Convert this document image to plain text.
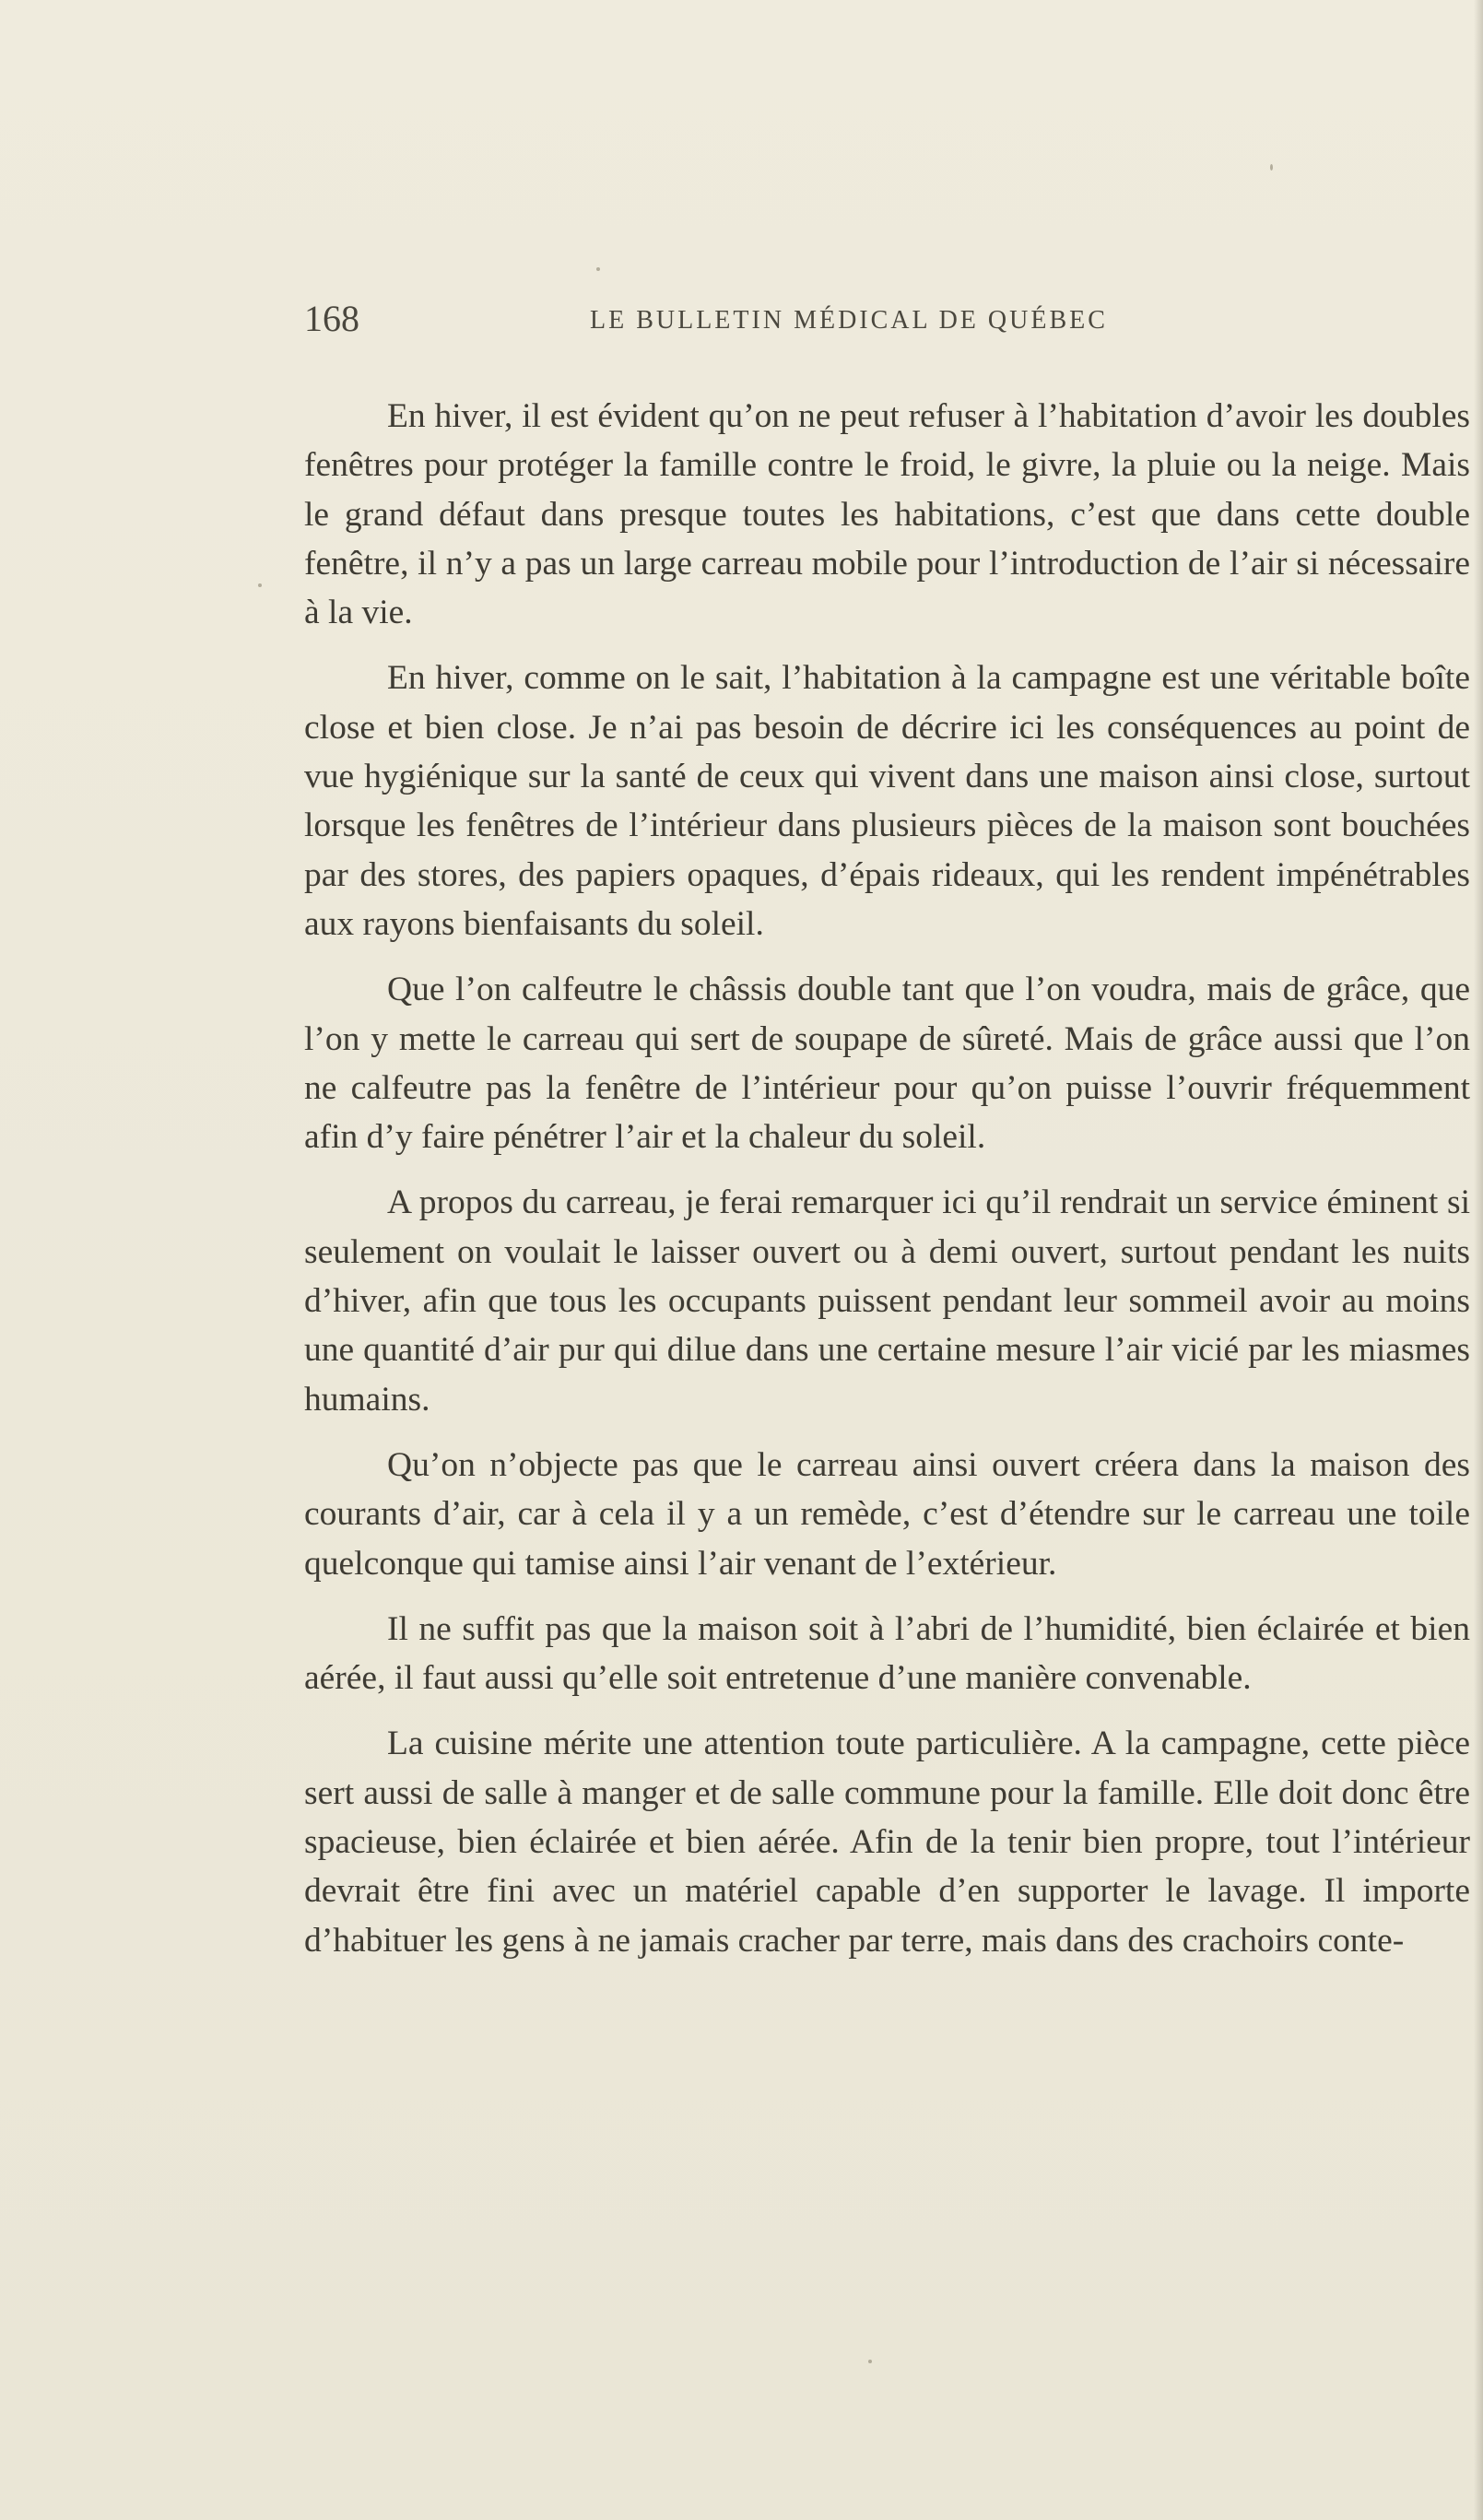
168	LE BULLETIN MÉDICAL DE QUÉBEC

En hiver, il est évident qu’on ne peut refuser à l’habitation d’avoir les doubles fenêtres pour protéger la famille contre le froid, le givre, la pluie ou la neige. Mais le grand défaut dans presque toutes les habitations, c’est que dans cette double fenêtre, il n’y a pas un large carreau mobile pour l’introduction de l’air si nécessaire à la vie.

En hiver, comme on le sait, l’habitation à la campagne est une véritable boîte close et bien close. Je n’ai pas besoin de décrire ici les conséquences au point de vue hygiénique sur la santé de ceux qui vivent dans une maison ainsi close, surtout lorsque les fenêtres de l’intérieur dans plusieurs pièces de la maison sont bouchées par des stores, des papiers opaques, d’épais rideaux, qui les rendent impénétrables aux rayons bienfaisants du soleil.

Que l’on calfeutre le châssis double tant que l’on voudra, mais de grâce, que l’on y mette le carreau qui sert de soupape de sûreté. Mais de grâce aussi que l’on ne calfeutre pas la fenêtre de l’intérieur pour qu’on puisse l’ouvrir fréquemment afin d’y faire pénétrer l’air et la chaleur du soleil.

A propos du carreau, je ferai remarquer ici qu’il rendrait un service éminent si seulement on voulait le laisser ouvert ou à demi ouvert, surtout pendant les nuits d’hiver, afin que tous les occupants puissent pendant leur sommeil avoir au moins une quantité d’air pur qui dilue dans une certaine mesure l’air vicié par les miasmes humains.

Qu’on n’objecte pas que le carreau ainsi ouvert créera dans la maison des courants d’air, car à cela il y a un remède, c’est d’étendre sur le carreau une toile quelconque qui tamise ainsi l’air venant de l’extérieur.

Il ne suffit pas que la maison soit à l’abri de l’humidité, bien éclairée et bien aérée, il faut aussi qu’elle soit entretenue d’une manière convenable.

La cuisine mérite une attention toute particulière. A la campagne, cette pièce sert aussi de salle à manger et de salle commune pour la famille. Elle doit donc être spacieuse, bien éclairée et bien aérée. Afin de la tenir bien propre, tout l’intérieur devrait être fini avec un matériel capable d’en supporter le lavage. Il importe d’habituer les gens à ne jamais cracher par terre, mais dans des crachoirs conte-
